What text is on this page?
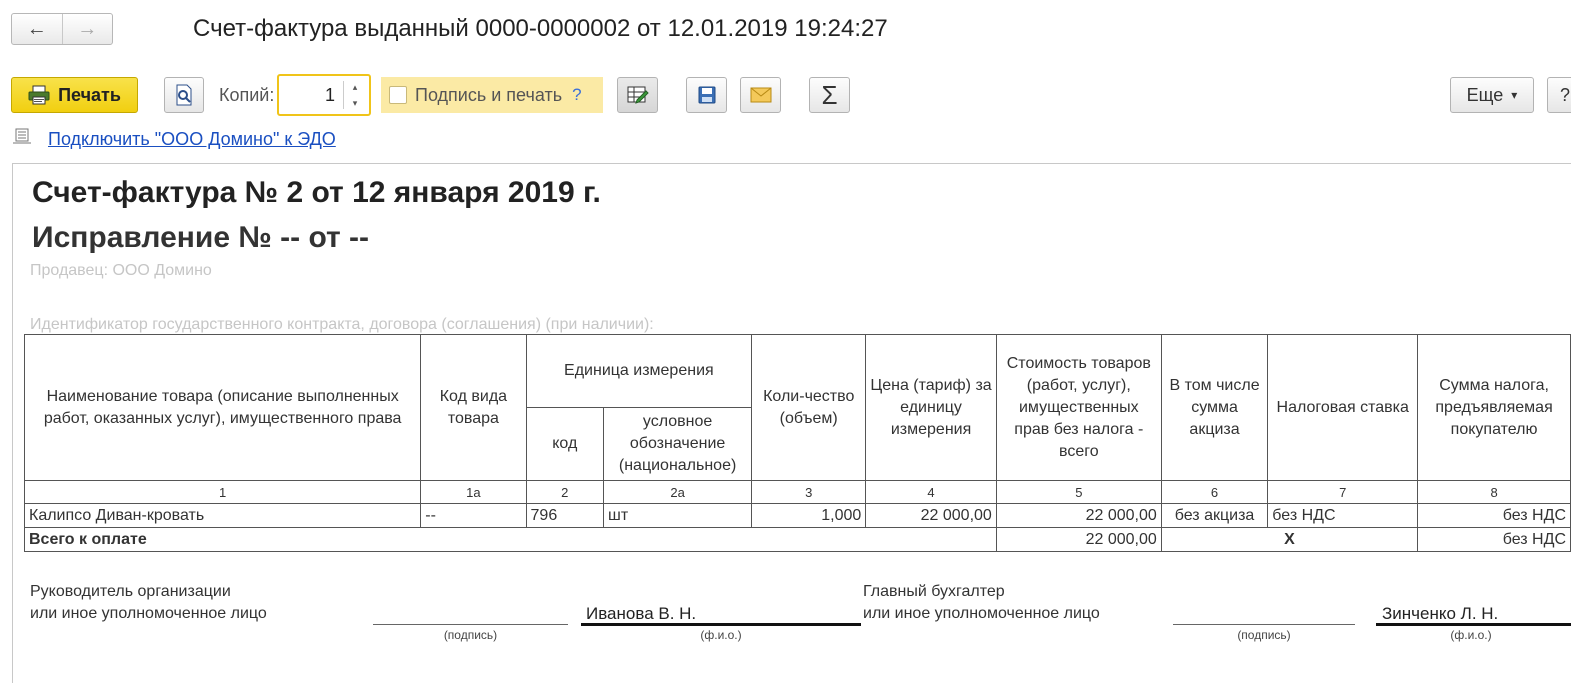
← →	Счет-фактура выданный 0000-0000002 от 12.01.2019 19:24:27
Печать	Копий:	1 ▴
▾	Подпись и печать ?	Σ	Еще ▾ ?
Подключить "ООО Домино" к ЭДО
Счет-фактура № 2 от 12 января 2019 г.
Исправление № -- от --
Продавец: ООО Домино
Идентификатор государственного контракта, договора (соглашения) (при наличии):
Наименование товара (описание выполненных работ, оказанных услуг), имущественного права	Код вида товара	Единица измерения		Коли-чество (объем)	Цена (тариф) за единицу измерения	Стоимость товаров (работ, услуг), имущественных прав без налога - всего	В том числе сумма акциза	Налоговая ставка	Сумма налога, предъявляемая покупателю
		код	условное обозначение (национальное)						
1	1а	2	2а	3	4	5	6	7	8
Калипсо Диван-кровать	--	796	шт	1,000	22 000,00	22 000,00	без акциза	без НДС	без НДС
Всего к оплате						22 000,00	X		без НДС
Руководитель организации
или иное уполномоченное лицо
(подпись)
Иванова В. Н.
(ф.и.о.)
Главный бухгалтер
или иное уполномоченное лицо
(подпись)
Зинченко Л. Н.
(ф.и.о.)
